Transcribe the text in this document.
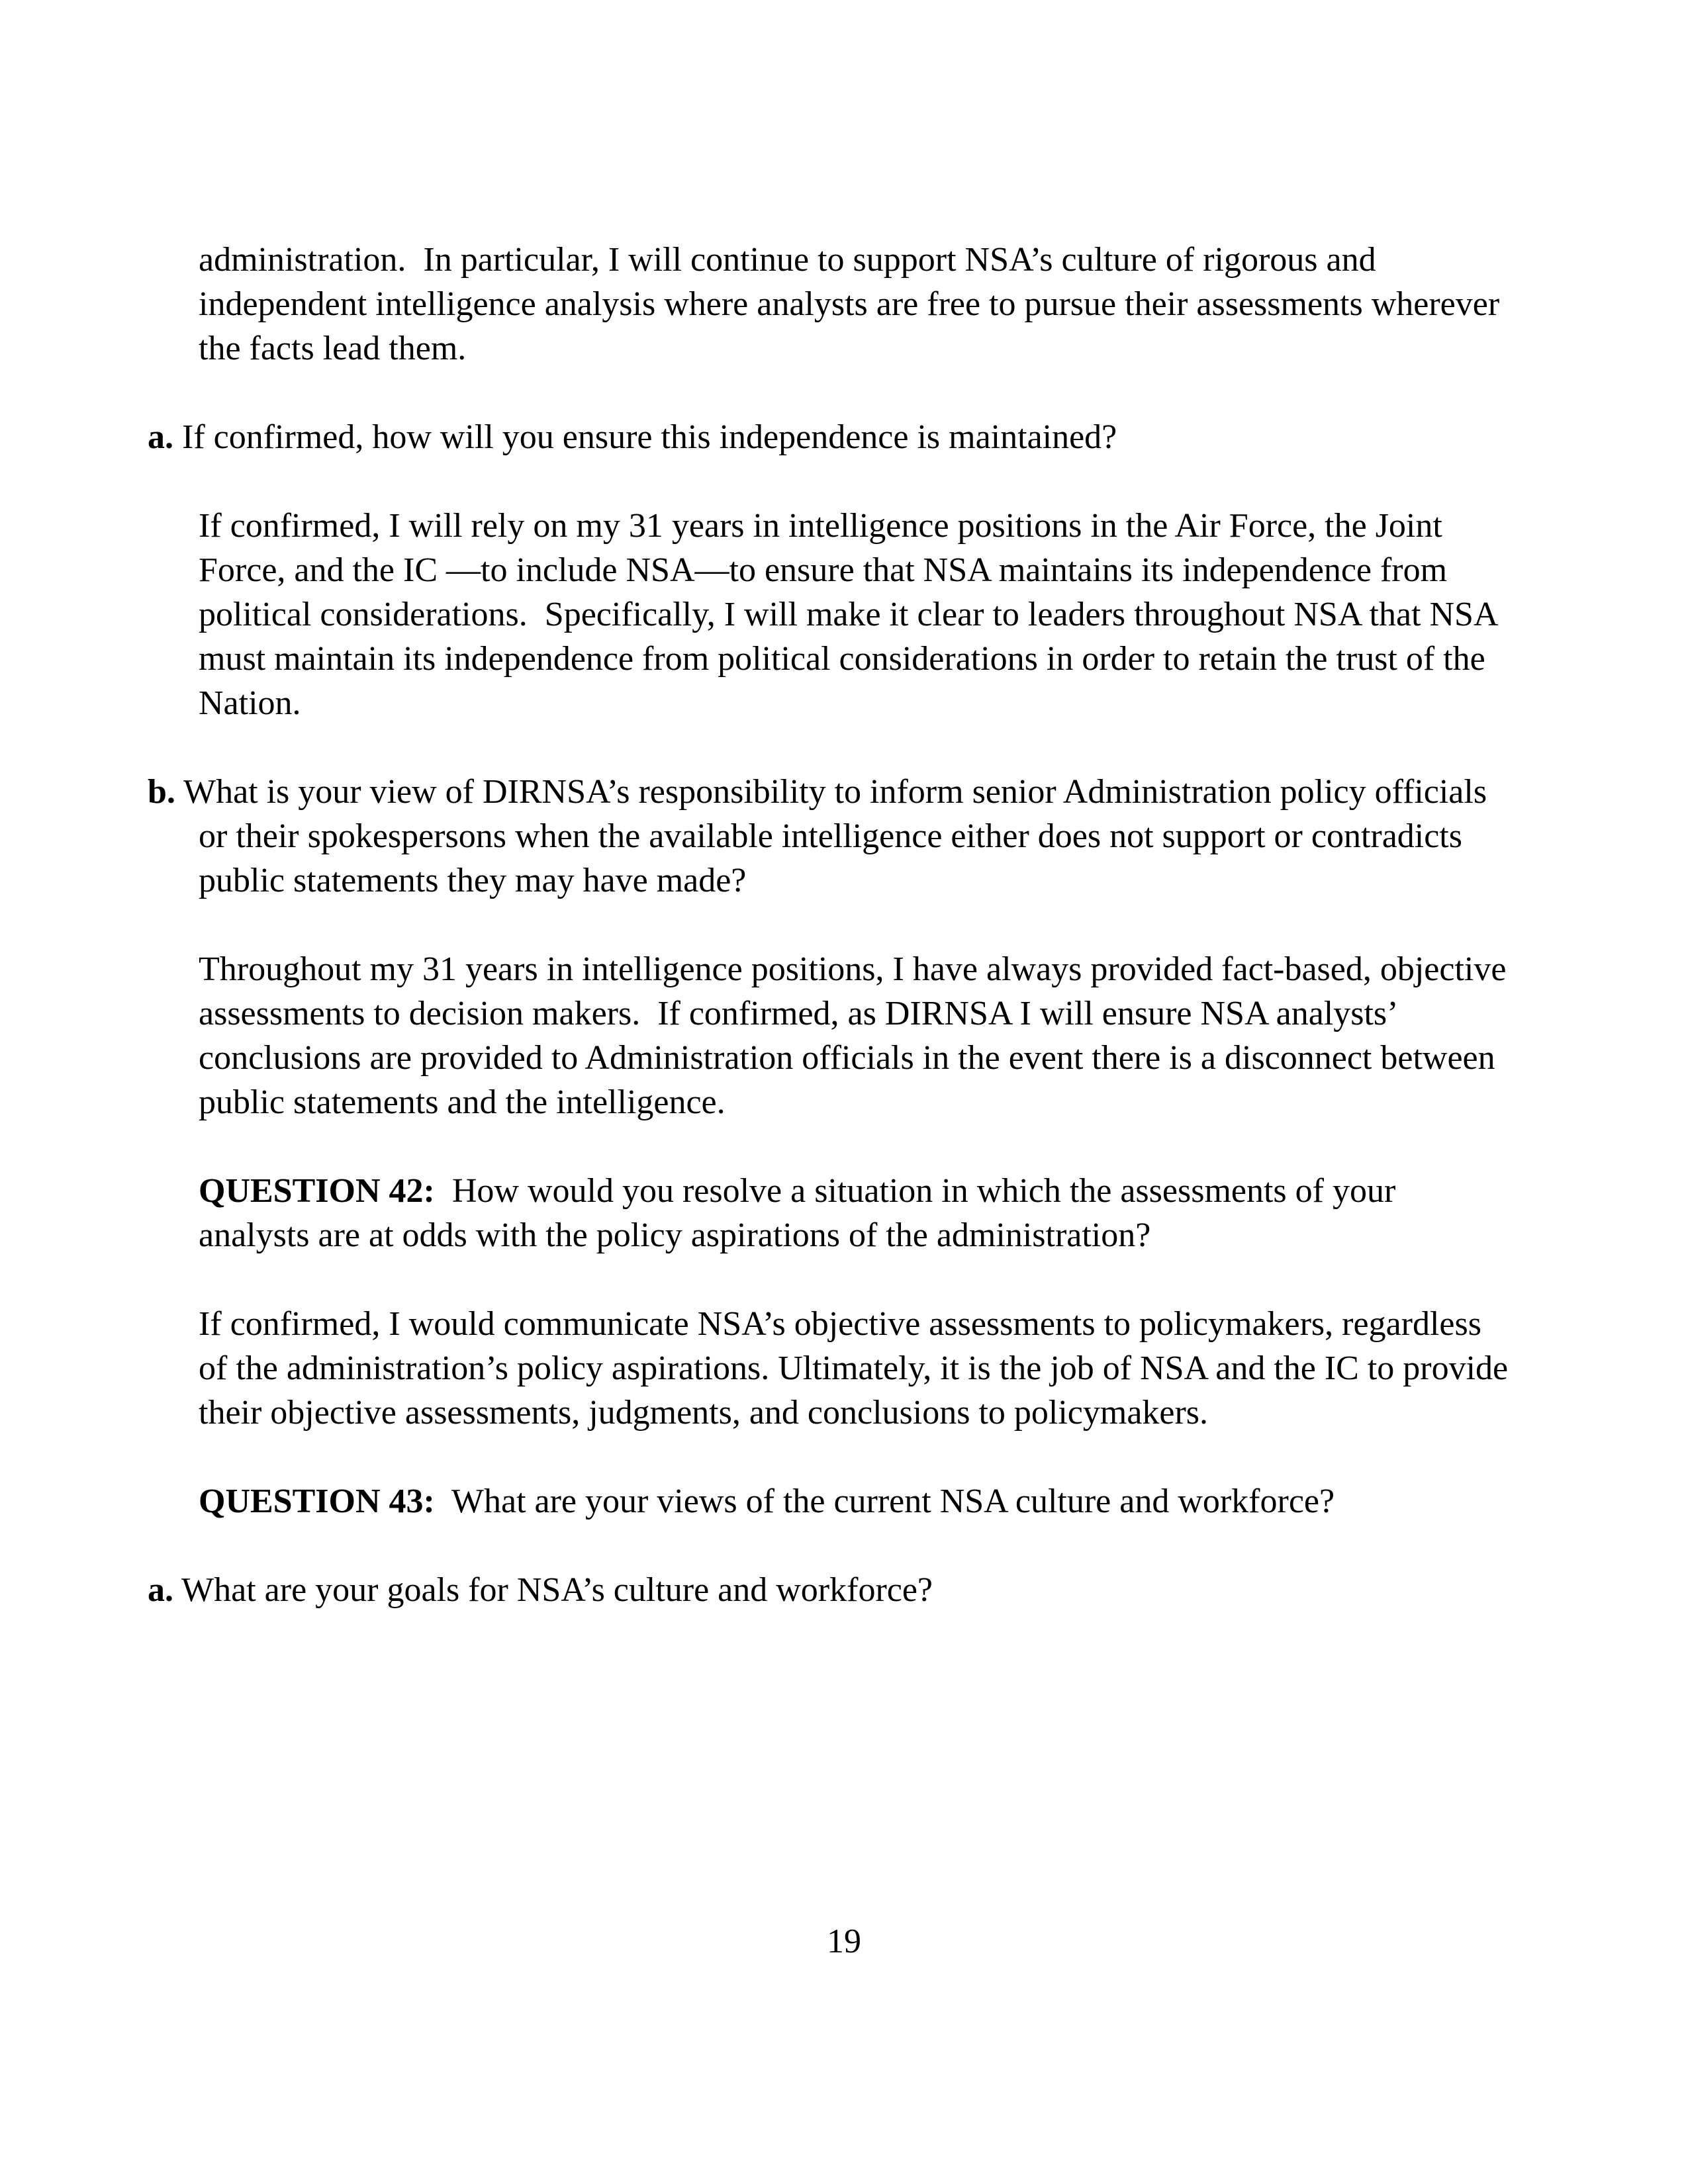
administration.  In particular, I will continue to support NSA’s culture of rigorous and independent intelligence analysis where analysts are free to pursue their assessments wherever the facts lead them.

a. If confirmed, how will you ensure this independence is maintained?

If confirmed, I will rely on my 31 years in intelligence positions in the Air Force, the Joint Force, and the IC —to include NSA—to ensure that NSA maintains its independence from political considerations.  Specifically, I will make it clear to leaders throughout NSA that NSA must maintain its independence from political considerations in order to retain the trust of the Nation.

b. What is your view of DIRNSA’s responsibility to inform senior Administration policy officials or their spokespersons when the available intelligence either does not support or contradicts public statements they may have made?

Throughout my 31 years in intelligence positions, I have always provided fact-based, objective assessments to decision makers.  If confirmed, as DIRNSA I will ensure NSA analysts’ conclusions are provided to Administration officials in the event there is a disconnect between public statements and the intelligence.

QUESTION 42:  How would you resolve a situation in which the assessments of your analysts are at odds with the policy aspirations of the administration?

If confirmed, I would communicate NSA’s objective assessments to policymakers, regardless of the administration’s policy aspirations. Ultimately, it is the job of NSA and the IC to provide their objective assessments, judgments, and conclusions to policymakers.

QUESTION 43:  What are your views of the current NSA culture and workforce?

a. What are your goals for NSA’s culture and workforce?

19
